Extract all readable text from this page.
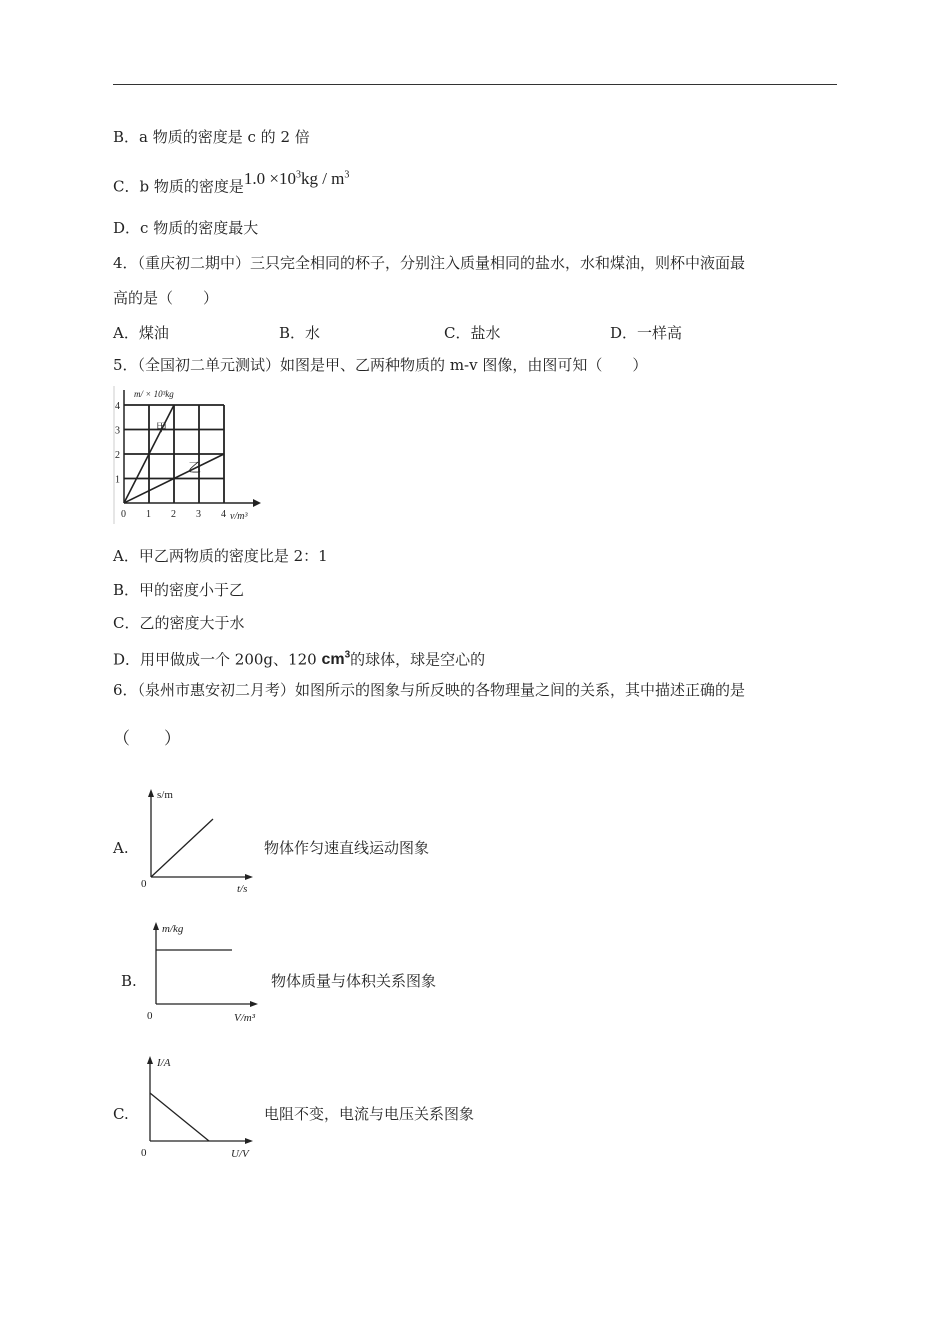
B．a 物质的密度是 c 的 2 倍
C．b 物质的密度是$1.0 \times 10^3kg / m^3$
D．c 物质的密度最大
4．（重庆初二期中）三只完全相同的杯子，分别注入质量相同的盐水，水和煤油，则杯中液面最
高的是（　　）
A．煤油	B．水	C．盐水	D．一样高
5．（全国初二单元测试）如图是甲、乙两种物质的 m-v 图像，由图可知（　　）
m/ × 10³kg
v/m³
甲
乙
1
2
3
4
0 1 2 3 4
A．甲乙两物质的密度比是 2：1
B．甲的密度小于乙
C．乙的密度大于水
D．用甲做成一个 200g、120 $cm^3$的球体，球是空心的
6．（泉州市惠安初二月考）如图所示的图象与所反映的各物理量之间的关系，其中描述正确的是
（　　）
A.
s/m
t/s
0
物体作匀速直线运动图象
B.
m/kg
V/m³
0
物体质量与体积关系图象
C.
I/A
U/V
0
电阻不变，电流与电压关系图象
